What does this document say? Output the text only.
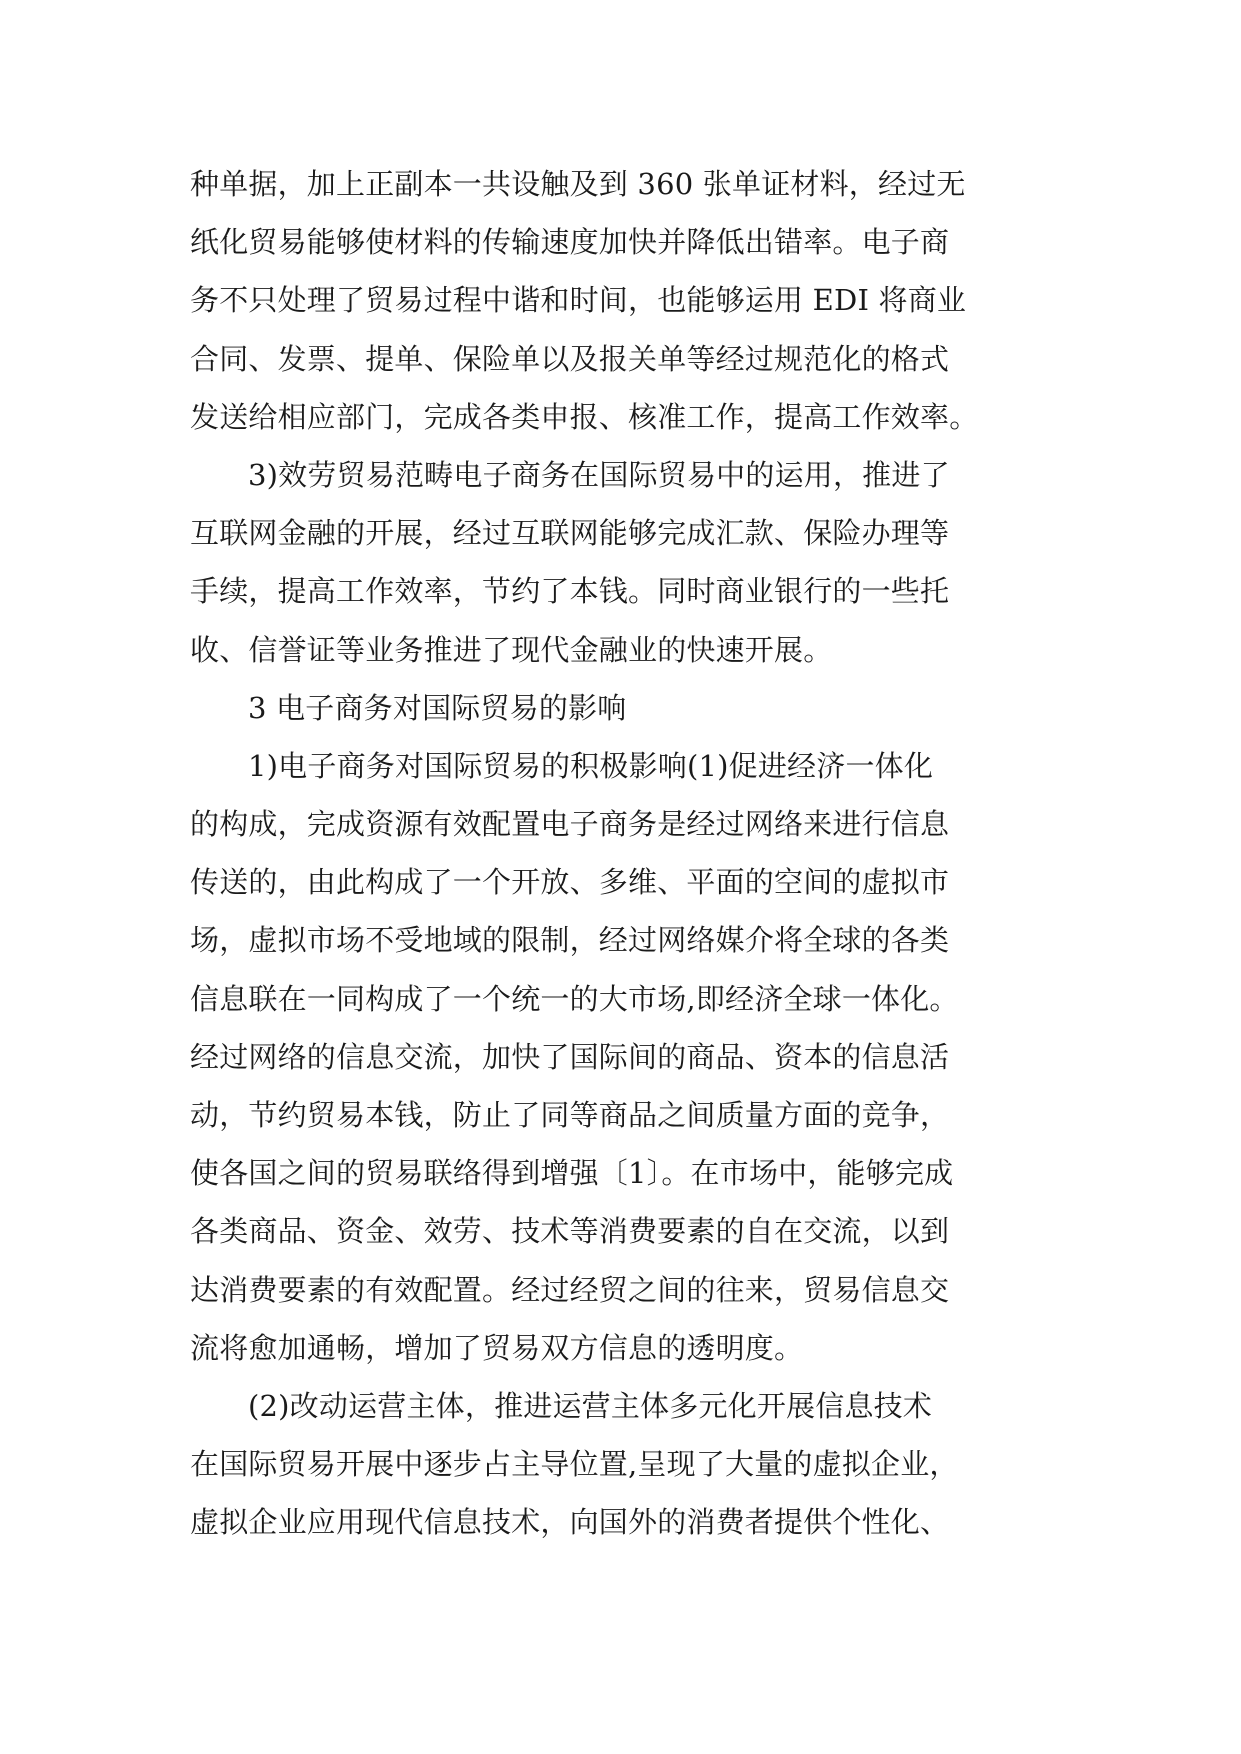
种单据，加上正副本一共设触及到 360 张单证材料，经过无
纸化贸易能够使材料的传输速度加快并降低出错率。电子商
务不只处理了贸易过程中谐和时间，也能够运用 EDI 将商业
合同、发票、提单、保险单以及报关单等经过规范化的格式
发送给相应部门，完成各类申报、核准工作，提高工作效率。
3)效劳贸易范畴电子商务在国际贸易中的运用，推进了
互联网金融的开展，经过互联网能够完成汇款、保险办理等
手续，提高工作效率，节约了本钱。同时商业银行的一些托
收、信誉证等业务推进了现代金融业的快速开展。
3 电子商务对国际贸易的影响
1)电子商务对国际贸易的积极影响(1)促进经济一体化
的构成，完成资源有效配置电子商务是经过网络来进行信息
传送的，由此构成了一个开放、多维、平面的空间的虚拟市
场，虚拟市场不受地域的限制，经过网络媒介将全球的各类
信息联在一同构成了一个统一的大市场,即经济全球一体化。
经过网络的信息交流，加快了国际间的商品、资本的信息活
动，节约贸易本钱，防止了同等商品之间质量方面的竞争，
使各国之间的贸易联络得到增强〔1〕。在市场中，能够完成
各类商品、资金、效劳、技术等消费要素的自在交流，以到
达消费要素的有效配置。经过经贸之间的往来，贸易信息交
流将愈加通畅，增加了贸易双方信息的透明度。
(2)改动运营主体，推进运营主体多元化开展信息技术
在国际贸易开展中逐步占主导位置,呈现了大量的虚拟企业，
虚拟企业应用现代信息技术，向国外的消费者提供个性化、
